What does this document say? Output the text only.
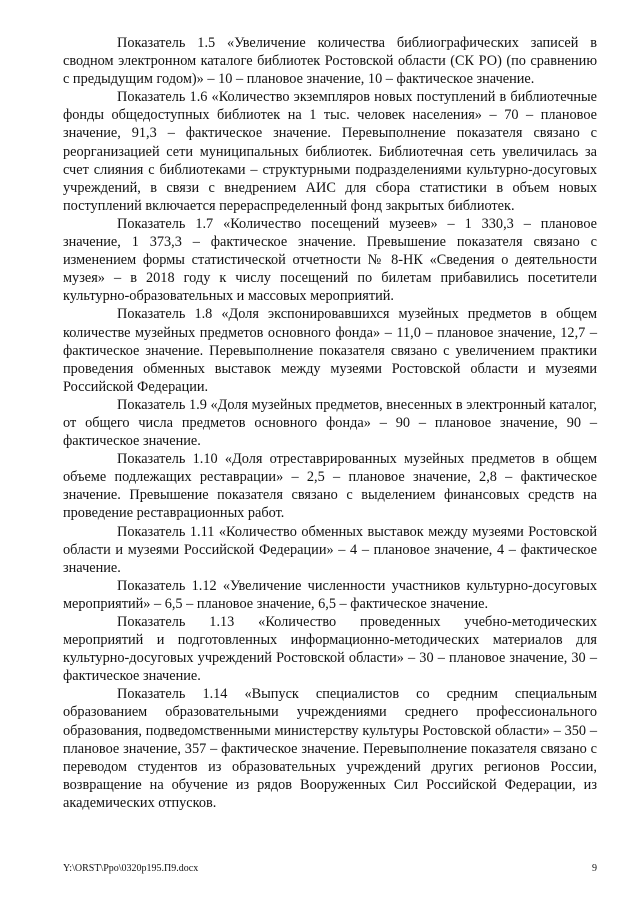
Показатель 1.5 «Увеличение количества библиографических записей в сводном электронном каталоге библиотек Ростовской области (СК РО) (по сравнению с предыдущим годом)» – 10 – плановое значение, 10 – фактическое значение.

Показатель 1.6 «Количество экземпляров новых поступлений в библиотечные фонды общедоступных библиотек на 1 тыс. человек населения» – 70 – плановое значение, 91,3 – фактическое значение. Перевыполнение показателя связано с реорганизацией сети муниципальных библиотек. Библиотечная сеть увеличилась за счет слияния с библиотеками – структурными подразделениями культурно-досуговых учреждений, в связи с внедрением АИС для сбора статистики в объем новых поступлений включается перераспределенный фонд закрытых библиотек.

Показатель 1.7 «Количество посещений музеев» – 1 330,3 – плановое значение, 1 373,3 – фактическое значение. Превышение показателя связано с изменением формы статистической отчетности № 8-НК «Сведения о деятельности музея» – в 2018 году к числу посещений по билетам прибавились посетители культурно-образовательных и массовых мероприятий.

Показатель 1.8 «Доля экспонировавшихся музейных предметов в общем количестве музейных предметов основного фонда» – 11,0 – плановое значение, 12,7 – фактическое значение. Перевыполнение показателя связано с увеличением практики проведения обменных выставок между музеями Ростовской области и музеями Российской Федерации.

Показатель 1.9 «Доля музейных предметов, внесенных в электронный каталог, от общего числа предметов основного фонда» – 90 – плановое значение, 90 – фактическое значение.

Показатель 1.10 «Доля отреставрированных музейных предметов в общем объеме подлежащих реставрации» – 2,5 – плановое значение, 2,8 – фактическое значение. Превышение показателя связано с выделением финансовых средств на проведение реставрационных работ.

Показатель 1.11 «Количество обменных выставок между музеями Ростовской области и музеями Российской Федерации» – 4 – плановое значение, 4 – фактическое значение.

Показатель 1.12 «Увеличение численности участников культурно-досуговых мероприятий» – 6,5 – плановое значение, 6,5 – фактическое значение.

Показатель 1.13 «Количество проведенных учебно-методических мероприятий и подготовленных информационно-методических материалов для культурно-досуговых учреждений Ростовской области» – 30 – плановое значение, 30 – фактическое значение.

Показатель 1.14 «Выпуск специалистов со средним специальным образованием образовательными учреждениями среднего профессионального образования, подведомственными министерству культуры Ростовской области» – 350 – плановое значение, 357 – фактическое значение. Перевыполнение показателя связано с переводом студентов из образовательных учреждений других регионов России, возвращение на обучение из рядов Вооруженных Сил Российской Федерации, из академических отпусков.

Y:\ORST\Ppo\0320p195.П9.docx	9
